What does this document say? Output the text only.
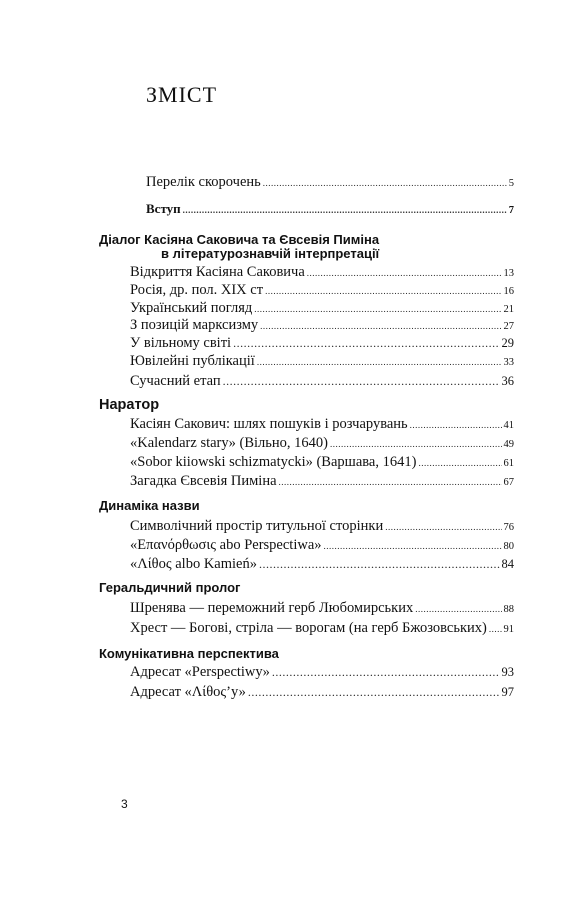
ЗМІСТ
Перелік скорочень .....	5
Вступ .....	7
Діалог Касіяна Саковича та Євсевія Пиміна
в літературознавчій інтерпретації
Відкриття Касіяна Саковича .....	13
Росія, др. пол. XIX ст .....	16
Український погляд .....	21
З позицій марксизму .....	27
У вільному світі .....	29
Ювілейні публікації .....	33
Сучасний етап .....	36
Наратор
Касіян Сакович: шлях пошуків і розчарувань .....	41
«Kalendarz stary» (Вільно, 1640) .....	49
«Sobor kiiowski schizmatycki» (Варшава, 1641) .....	61
Загадка Євсевія Пиміна .....	67
Динаміка назви
Символічний простір титульної сторінки .....	76
«Επανόρθωσις abo Perspectiwa» .....	80
«Λίθος albo Kamień» .....	84
Геральдичний пролог
Шренява — переможний герб Любомирських .....	88
Хрест — Богові, стріла — ворогам (на герб Бжозовських) ..... 91
Комунікативна перспектива
Адресат «Perspectiwy» .....	93
Адресат «Λίθος’у» .....	97
3
